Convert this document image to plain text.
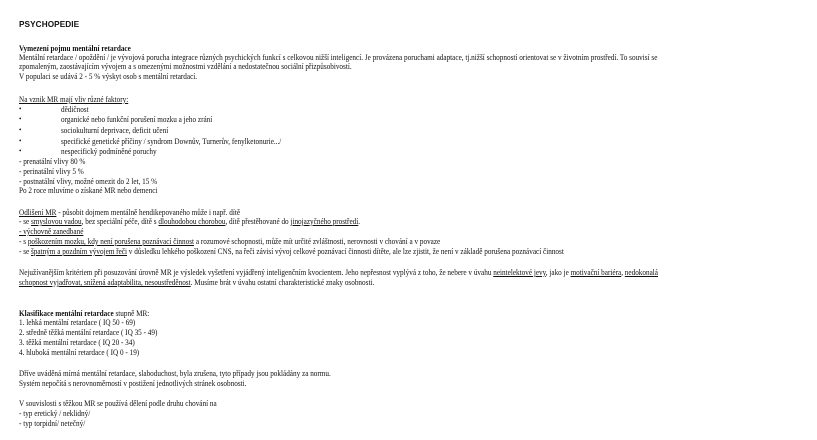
PSYCHOPEDIE
Vymezení pojmu mentální retardace
Mentální retardace / opoždění / je vývojová porucha integrace různých psychických funkcí s celkovou nižší inteligencí. Je provázena poruchami adaptace, tj.nižší schopností orientovat se v životním prostředí. To souvisí se
zpomaleným, zaostávajícím vývojem a s omezenými možnostmi vzdělání a nedostatečnou sociální přizpůsobivostí.
V populaci se udává 2 - 5 % výskyt osob s mentální retardací.
Na vznik MR mají vliv různé faktory:
•	dědičnost
•	organické nebo funkční porušení mozku a jeho zrání
•	sociokulturní deprivace, deficit učení
•	specifické genetické příčiny / syndrom Downův, Turnerův, fenylketonurie.../
•	nespecifický podmíněné poruchy
- prenatální vlivy 80 %
- perinatální vlivy 5 %
- postnatální vlivy, možné omezit do 2 let, 15 %
Po 2 roce mluvíme o získané MR nebo demenci
Odlišení MR - působit dojmem mentálně hendikepovaného může i např. dítě
- se smyslovou vadou, bez speciální péče, dítě s dlouhodobou chorobou, dítě přestěhované do jinojazyčného prostředí.
- výchovně zanedbané
- s poškozením mozku, kdy není porušena poznávací činnost a rozumové schopnosti, může mít určité zvláštnosti, nerovnosti v chování a v povaze
- se špatným a pozdním vývojem řeči v důsledku lehkého poškození CNS, na řeči závisí vývoj celkové poznávací činnosti dítěte, ale lze zjistit, že není v základě porušena poznávací činnost
Nejužívanějším kritériem při posuzování úrovně MR je výsledek vyšetření vyjádřený inteligenčním kvocientem. Jeho nepřesnost vyplývá z toho, že nebere v úvahu neintelektové jevy, jako je motivační bariéra, nedokonalá
schopnost vyjadřovat, snížená adaptabilita, nesoustředěnost. Musíme brát v úvahu ostatní charakteristické znaky osobnosti.
Klasifikace mentální retardace stupně MR:
1. lehká mentální retardace ( IQ 50 - 69)
2. středně těžká mentální retardace ( IQ 35 - 49)
3. těžká mentální retardace ( IQ 20 - 34)
4. hluboká mentální retardace ( IQ 0 - 19)
Dříve uváděná mírná mentální retardace, slaboduchost, byla zrušena, tyto případy jsou pokládány za normu.
Systém nepočítá s nerovnoměrností v postižení jednotlivých stránek osobnosti.
V souvislosti s těžkou MR se používá dělení podle druhu chování na
- typ eretický / neklidný/
- typ torpidní/ netečný/
